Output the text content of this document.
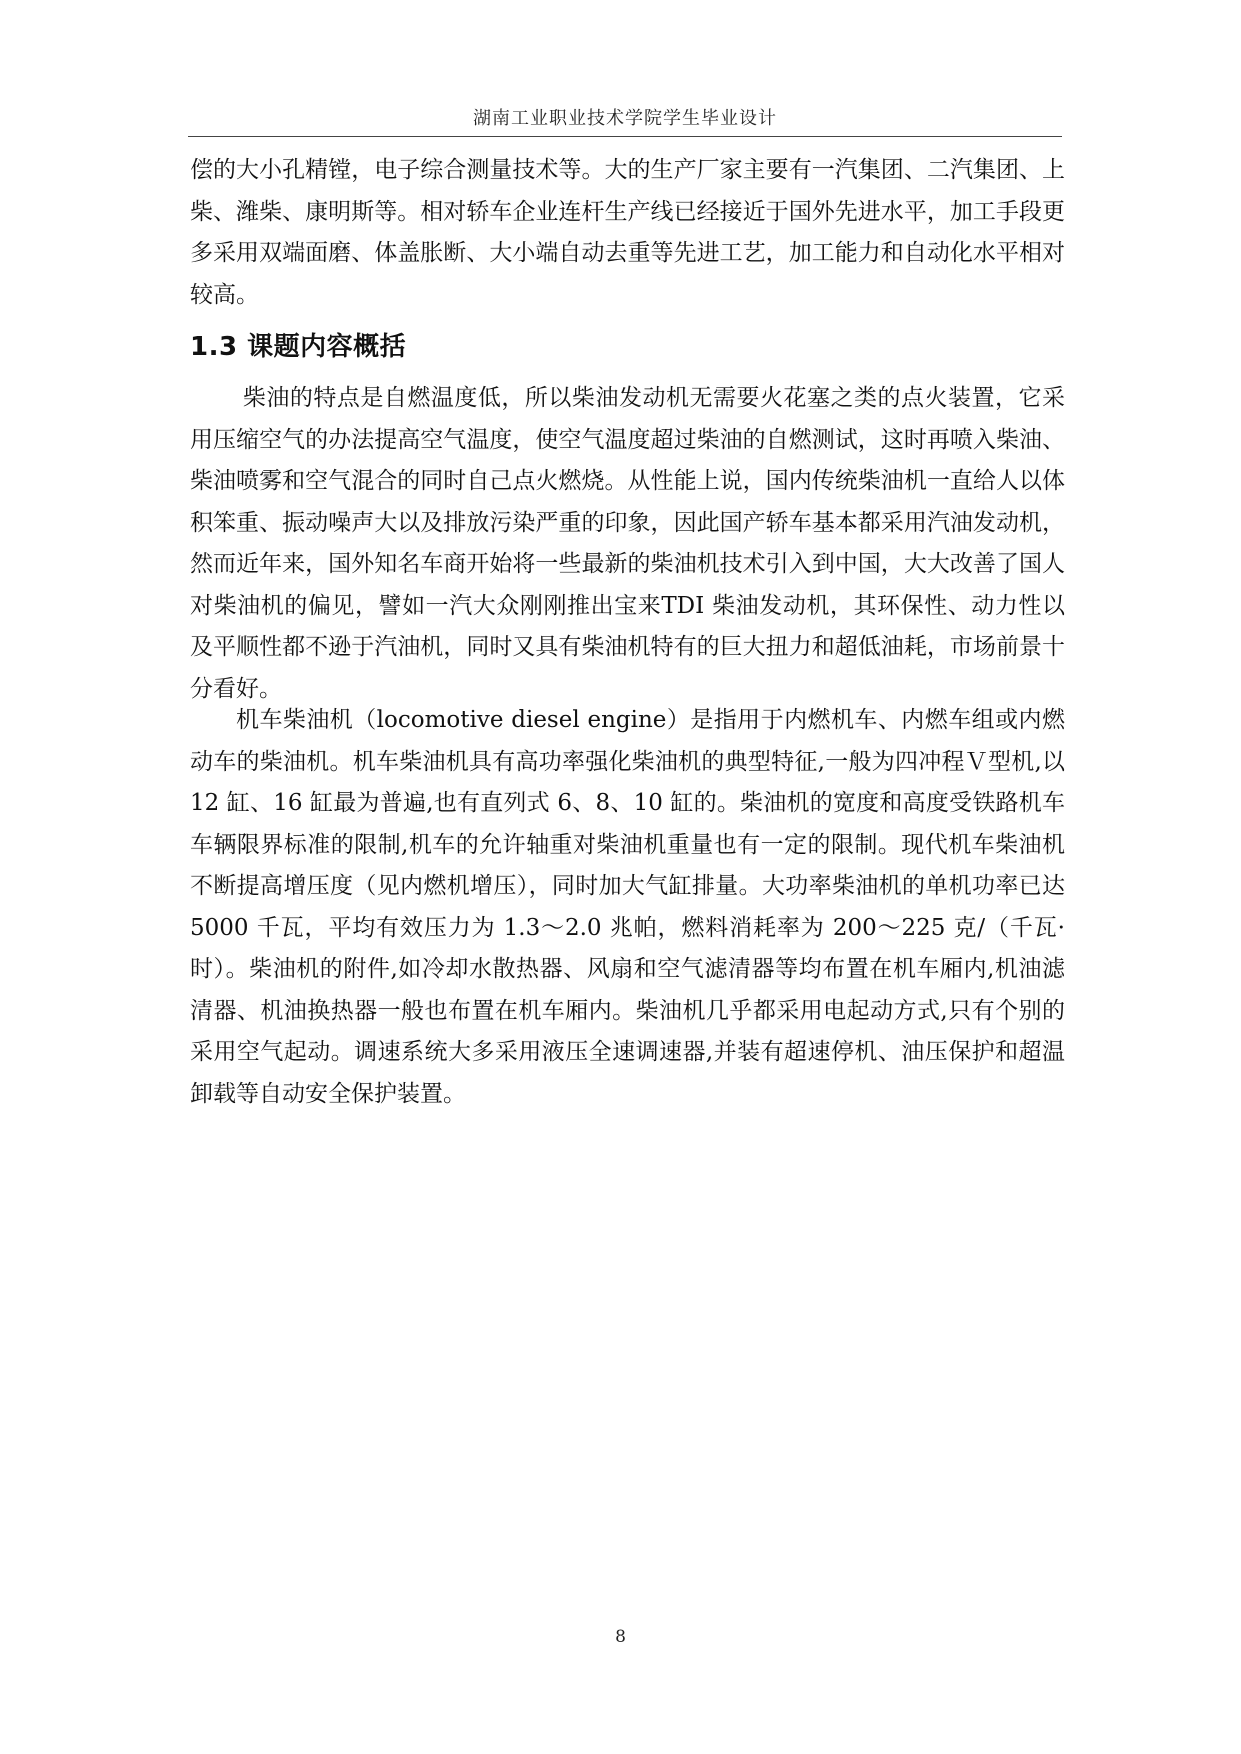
湖南工业职业技术学院学生毕业设计

偿的大小孔精镗，电子综合测量技术等。大的生产厂家主要有一汽集团、二汽集团、上柴、潍柴、康明斯等。相对轿车企业连杆生产线已经接近于国外先进水平，加工手段更多采用双端面磨、体盖胀断、大小端自动去重等先进工艺，加工能力和自动化水平相对较高。

1.3 课题内容概括

柴油的特点是自燃温度低，所以柴油发动机无需要火花塞之类的点火装置，它采用压缩空气的办法提高空气温度，使空气温度超过柴油的自燃测试，这时再喷入柴油、柴油喷雾和空气混合的同时自己点火燃烧。从性能上说，国内传统柴油机一直给人以体积笨重、振动噪声大以及排放污染严重的印象，因此国产轿车基本都采用汽油发动机，然而近年来，国外知名车商开始将一些最新的柴油机技术引入到中国，大大改善了国人对柴油机的偏见，譬如一汽大众刚刚推出宝来TDI 柴油发动机，其环保性、动力性以及平顺性都不逊于汽油机，同时又具有柴油机特有的巨大扭力和超低油耗，市场前景十分看好。

机车柴油机（locomotive diesel engine）是指用于内燃机车、内燃车组或内燃动车的柴油机。机车柴油机具有高功率强化柴油机的典型特征,一般为四冲程Ｖ型机,以 12 缸、16 缸最为普遍,也有直列式 6、8、10 缸的。柴油机的宽度和高度受铁路机车车辆限界标准的限制,机车的允许轴重对柴油机重量也有一定的限制。现代机车柴油机不断提高增压度（见内燃机增压），同时加大气缸排量。大功率柴油机的单机功率已达 5000 千瓦，平均有效压力为 1.3～2.0 兆帕，燃料消耗率为 200～225 克/（千瓦·时）。柴油机的附件,如冷却水散热器、风扇和空气滤清器等均布置在机车厢内,机油滤清器、机油换热器一般也布置在机车厢内。柴油机几乎都采用电起动方式,只有个别的采用空气起动。调速系统大多采用液压全速调速器,并装有超速停机、油压保护和超温卸载等自动安全保护装置。

8
